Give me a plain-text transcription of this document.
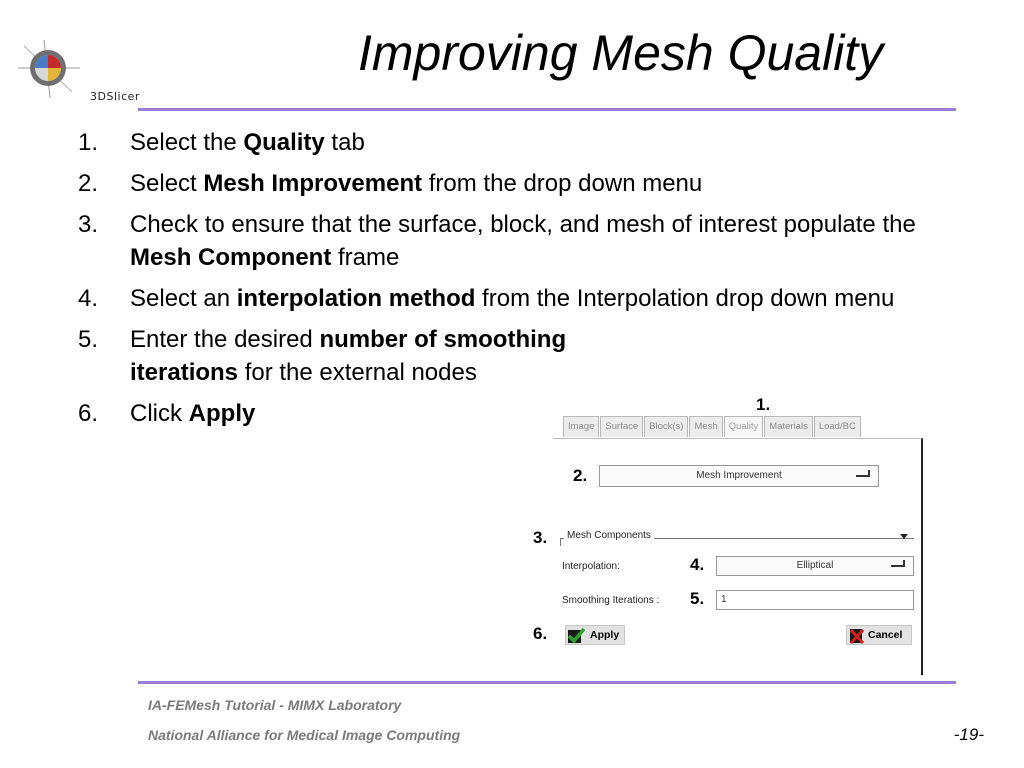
3DSlicer
Improving Mesh Quality
1. Select the Quality tab
2. Select Mesh Improvement from the drop down menu
3. Check to ensure that the surface, block, and mesh of interest populate the Mesh Component frame
4. Select an interpolation method from the Interpolation drop down menu
5. Enter the desired number of smoothing iterations for the external nodes
6. Click Apply	1.
Image	Surface	Block(s)	Mesh	Quality	Materials	Load/BC
2.	Mesh Improvement
3.	Mesh Components
Interpolation:	4.	Elliptical
Smoothing Iterations : 5.	1
6.	Apply	Cancel
IA-FEMesh Tutorial - MIMX Laboratory
National Alliance for Medical Image Computing	-19-
